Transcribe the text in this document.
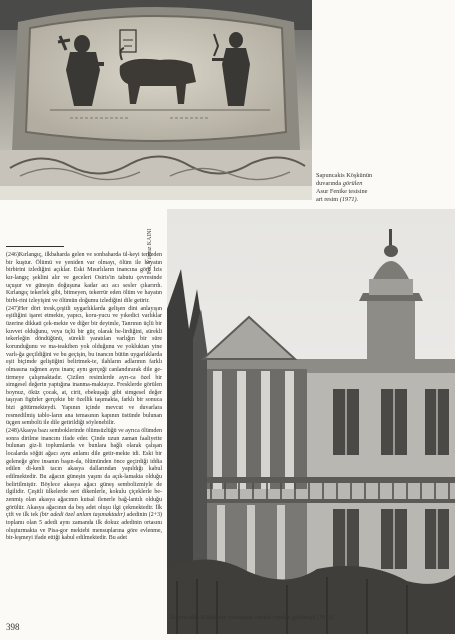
Sapuncakis Köşkünün
duvarında görülen
Asur Fenike tesisine
art resim (1971).
Fot. Yılmaz KAINI

(246)Kırlangıç, ilkbaharda gelen ve sonbaharda ül-keyi terkeden bir kuştur. Ölümü ve yeniden var olmayı, ölüm ile hayatın birbirini izlediğini açıklar. Eski Mısırlıların inancına göre İzis kır-langıç şeklini alır ve geceleri Osiris'in tabutu çevresinde uçuşur ve güneşin doğuşuna kadar acı acı sesler çıkarırdı. Kırlangıç tekerlek gibi, bitmeyen, tekerrür eden ölüm ve hayatın birbi-rini izleyişini ve ölümün doğumu izlediğini dile getirir.

(247)Her dört tresk,çeşitli uygarlıklarda gelişen dini anlayışın eşitliğini işaret etmekte, yapıcı, koru-yucu ve yıkedici varlıklar üzerine dikkati çek-mekte ve diğer bir deyimle, Tanrının üçlü bir kuvvet olduğunu, veya üçlü bir güç olarak be-lirdiğini, sürekli tekerleğin döndüğünü, sürekli yaratılan varlığın bir süre korunduğunu ve ma-teakiben yok olduğunu ve yokluktan yine varlı-ğa geçildiğini ve bu geçişin, bu inancın bütün uygarlıklarda eşit biçimde geliştiğini belirtmek-te, ilahların adlarının farklı olmasına rağmen aynı inanç aynı gerçeği canlandırarak dile ge-tirmeye çalışmaktadır. Çizilen resimlerde ayrı-ca özel bir simgesel değerin yaptığına inanma-maktayız. Fresklerde görülen boynuz, öküz çocak, at, cirit, ebekuşağı gibi simgesel değer taşıyan figürler gerçekte bir özellik taşımakta, farklı bir sonuca bizi götürmekteydi. Yapının içinde mevcut ve duvarlara resmedilmiş tablo-ların ana temasının kapının üstünde bulunan üçgen sembolü ile dile getirildiği söylenebilir.

(248)Akasya bazı semboklerinde ölümsüzlüğü ve ayrıca ölümden sonra dirilme inancını ifade eder. Çinde uzun zaman faaliyette bulunan giz-li toplumlarda ve bunlara bağlı olarak çalışan localarda söğüt ağacı aynı anlamı dile getir-mekte idi. Eski bir geleneğe göre insanın başın-da, ölümünden önce geçirdiği iddia edilen di-kenli tacın akasya dallarından yapıldığı kabul edilmektedir. Bu ağacın güneşin yaşını da açık-lamakta olduğu belirtilmiştir. Böylece akasya ağacı güneş sembolizmiyle de ilgilidir. Çeşitli ülkelerde sert dikenlerle, kokulu çiçeklerle be-zenmiş olan akasya ağacının kutsal ilenerle bağ-lantılı olduğu görülür. Akasya ağacının da beş adet oluşu ilgi çekmektedir. İlk çift ve ilk tek (bir adedi özel anlam taşımaktadır) adedinin (2+3) toplamı olan 5 adedi aynı zamanda ilk dokuz adedinin ortasını oluşturmakta ve Pisa-gor mektebi mensuplarına göre evlenme, bir-leşmeyi ifade ettiği kabul edilmektedir. Bu adet

Sapuncakis Köşkünün yanmadan önceki yandan görünüşü (1971).
398
